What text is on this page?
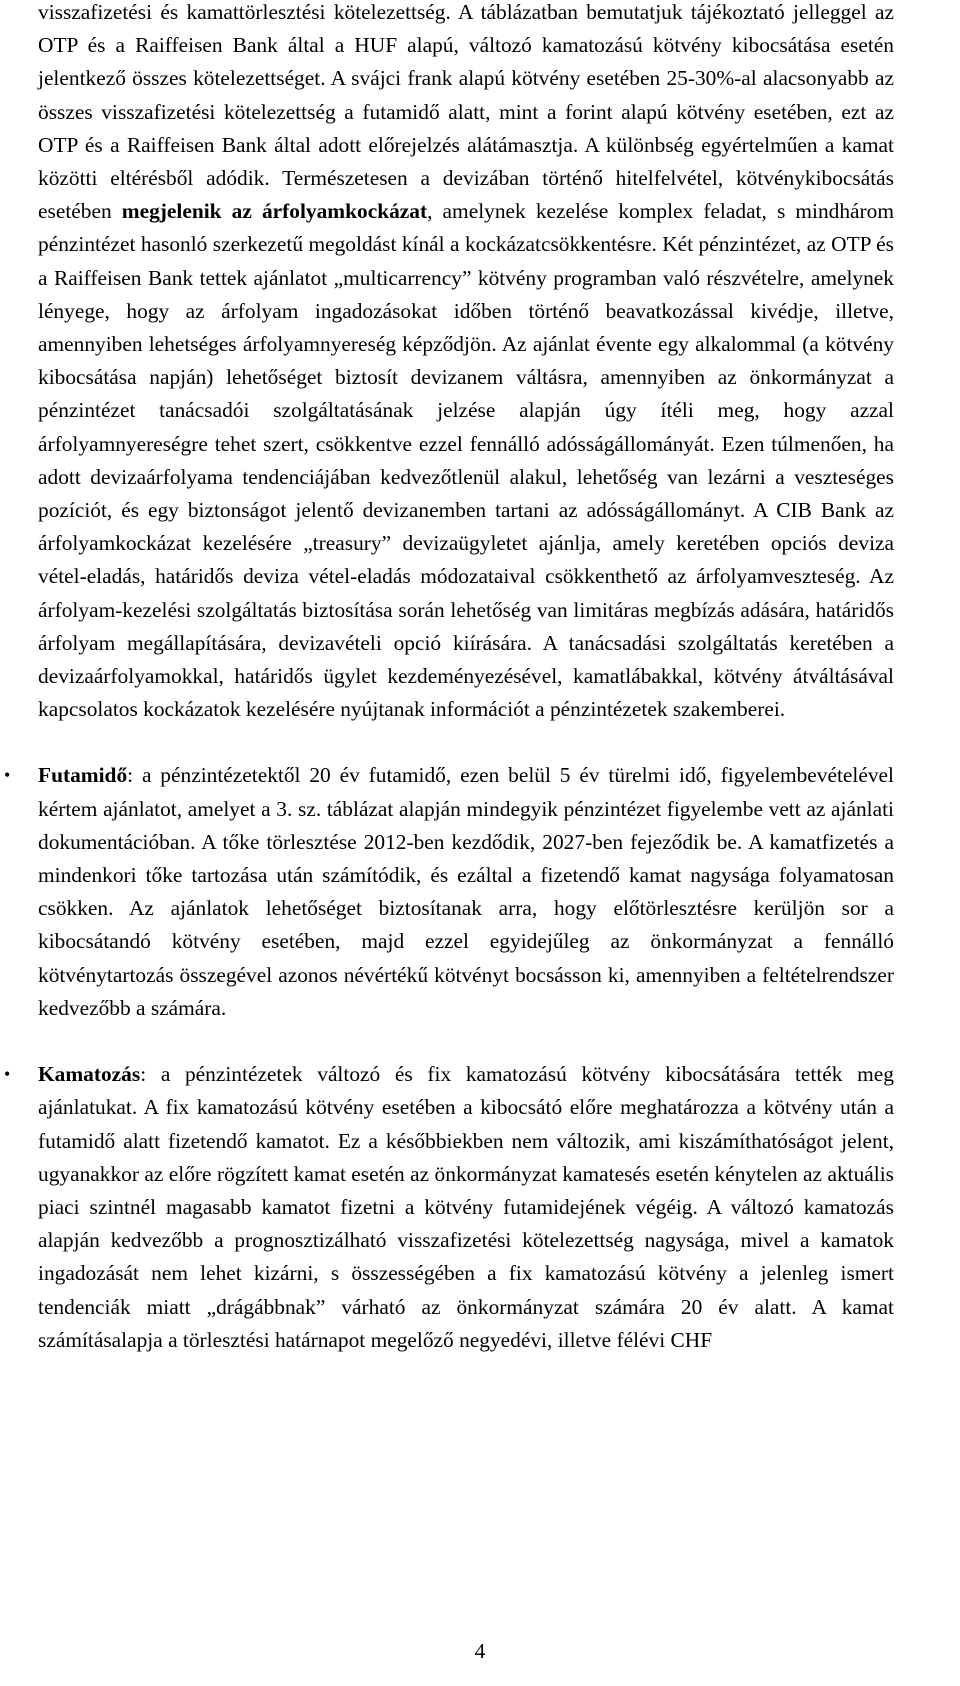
visszafizetési és kamattörlesztési kötelezettség. A táblázatban bemutatjuk tájékoztató jelleggel az OTP és a Raiffeisen Bank által a HUF alapú, változó kamatozású kötvény kibocsátása esetén jelentkező összes kötelezettséget. A svájci frank alapú kötvény esetében 25-30%-al alacsonyabb az összes visszafizetési kötelezettség a futamidő alatt, mint a forint alapú kötvény esetében, ezt az OTP és a Raiffeisen Bank által adott előrejelzés alátámasztja. A különbség egyértelműen a kamat közötti eltérésből adódik. Természetesen a devizában történő hitelfelvétel, kötvénykibocsátás esetében megjelenik az árfolyamkockázat, amelynek kezelése komplex feladat, s mindhárom pénzintézet hasonló szerkezetű megoldást kínál a kockázatcsökkentésre. Két pénzintézet, az OTP és a Raiffeisen Bank tettek ajánlatot „multicarrency” kötvény programban való részvételre, amelynek lényege, hogy az árfolyam ingadozásokat időben történő beavatkozással kivédje, illetve, amennyiben lehetséges árfolyamnyereség képződjön. Az ajánlat évente egy alkalommal (a kötvény kibocsátása napján) lehetőséget biztosít devizanem váltásra, amennyiben az önkormányzat a pénzintézet tanácsadói szolgáltatásának jelzése alapján úgy ítéli meg, hogy azzal árfolyamnyereségre tehet szert, csökkentve ezzel fennálló adósságállományát. Ezen túlmenően, ha adott devizaárfolyama tendenciájában kedvezőtlenül alakul, lehetőség van lezárni a veszteséges pozíciót, és egy biztonságot jelentő devizanemben tartani az adósságállományt. A CIB Bank az árfolyamkockázat kezelésére „treasury” devizaügyletet ajánlja, amely keretében opciós deviza vétel-eladás, határidős deviza vétel-eladás módozataival csökkenthető az árfolyamveszteség. Az árfolyam-kezelési szolgáltatás biztosítása során lehetőség van limitáras megbízás adására, határidős árfolyam megállapítására, devizavételi opció kiírására. A tanácsadási szolgáltatás keretében a devizaárfolyamokkal, határidős ügylet kezdeményezésével, kamatlábakkal, kötvény átváltásával kapcsolatos kockázatok kezelésére nyújtanak információt a pénzintézetek szakemberei.

• Futamidő: a pénzintézetektől 20 év futamidő, ezen belül 5 év türelmi idő, figyelembevételével kértem ajánlatot, amelyet a 3. sz. táblázat alapján mindegyik pénzintézet figyelembe vett az ajánlati dokumentációban. A tőke törlesztése 2012-ben kezdődik, 2027-ben fejeződik be. A kamatfizetés a mindenkori tőke tartozása után számítódik, és ezáltal a fizetendő kamat nagysága folyamatosan csökken. Az ajánlatok lehetőséget biztosítanak arra, hogy előtörlesztésre kerüljön sor a kibocsátandó kötvény esetében, majd ezzel egyidejűleg az önkormányzat a fennálló kötvénytartozás összegével azonos névértékű kötvényt bocsásson ki, amennyiben a feltételrendszer kedvezőbb a számára.

• Kamatozás: a pénzintézetek változó és fix kamatozású kötvény kibocsátására tették meg ajánlatukat. A fix kamatozású kötvény esetében a kibocsátó előre meghatározza a kötvény után a futamidő alatt fizetendő kamatot. Ez a későbbiekben nem változik, ami kiszámíthatóságot jelent, ugyanakkor az előre rögzített kamat esetén az önkormányzat kamatesés esetén kénytelen az aktuális piaci szintnél magasabb kamatot fizetni a kötvény futamidejének végéig. A változó kamatozás alapján kedvezőbb a prognosztizálható visszafizetési kötelezettség nagysága, mivel a kamatok ingadozását nem lehet kizárni, s összességében a fix kamatozású kötvény a jelenleg ismert tendenciák miatt „drágábbnak” várható az önkormányzat számára 20 év alatt. A kamat számításalapja a törlesztési határnapot megelőző negyedévi, illetve félévi CHF

4
